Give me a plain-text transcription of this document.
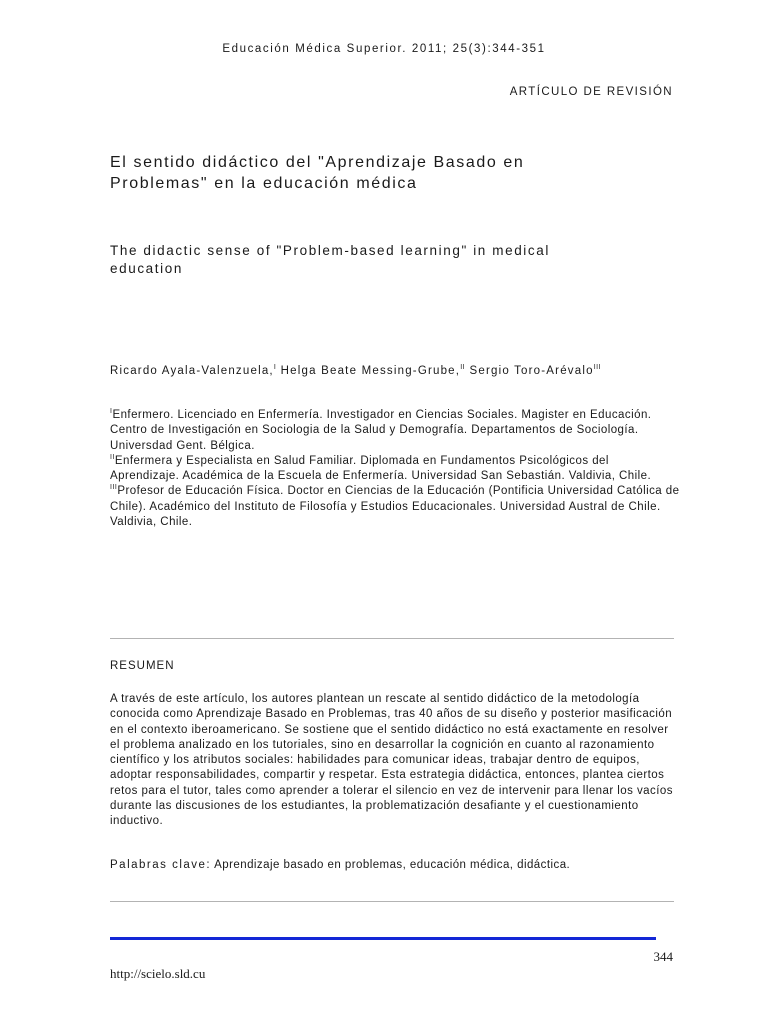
Educación Médica Superior. 2011; 25(3):344-351
ARTÍCULO DE REVISIÓN
El sentido didáctico del "Aprendizaje Basado en
Problemas" en la educación médica
The didactic sense of "Problem-based learning" in medical
education
Ricardo Ayala-Valenzuela,$^I$ Helga Beate Messing-Grube,$^{II}$ Sergio Toro-Arévalo$^{III}$
$^I$Enfermero. Licenciado en Enfermería. Investigador en Ciencias Sociales. Magister en Educación. Centro de Investigación en Sociologia de la Salud y Demografía. Departamentos de Sociología. Universdad Gent. Bélgica.
$^{II}$Enfermera y Especialista en Salud Familiar. Diplomada en Fundamentos Psicológicos del Aprendizaje. Académica de la Escuela de Enfermería. Universidad San Sebastián. Valdivia, Chile.
$^{III}$Profesor de Educación Física. Doctor en Ciencias de la Educación (Pontificia Universidad Católica de Chile). Académico del Instituto de Filosofía y Estudios Educacionales. Universidad Austral de Chile. Valdivia, Chile.
RESUMEN
A través de este artículo, los autores plantean un rescate al sentido didáctico de la metodología conocida como Aprendizaje Basado en Problemas, tras 40 años de su diseño y posterior masificación en el contexto iberoamericano. Se sostiene que el sentido didáctico no está exactamente en resolver el problema analizado en los tutoriales, sino en desarrollar la cognición en cuanto al razonamiento científico y los atributos sociales: habilidades para comunicar ideas, trabajar dentro de equipos, adoptar responsabilidades, compartir y respetar. Esta estrategia didáctica, entonces, plantea ciertos retos para el tutor, tales como aprender a tolerar el silencio en vez de intervenir para llenar los vacíos durante las discusiones de los estudiantes, la problematización desafiante y el cuestionamiento inductivo.
Palabras clave: Aprendizaje basado en problemas, educación médica, didáctica.
344
http://scielo.sld.cu
